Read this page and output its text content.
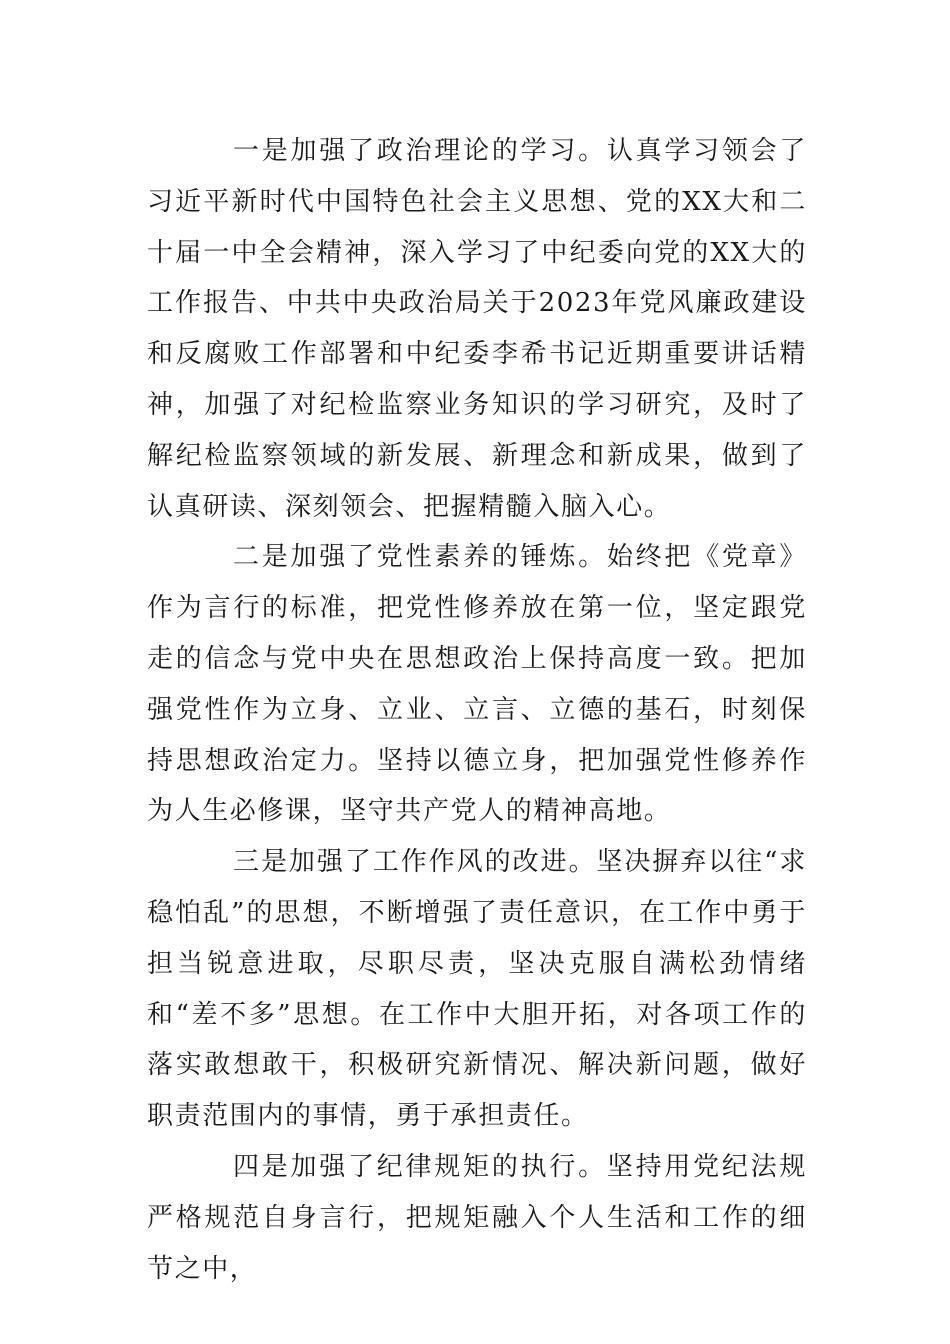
一是加强了政治理论的学习。认真学习领会了习近平新时代中国特色社会主义思想、党的XX大和二十届一中全会精神，深入学习了中纪委向党的XX大的工作报告、中共中央政治局关于2023年党风廉政建设和反腐败工作部署和中纪委李希书记近期重要讲话精神，加强了对纪检监察业务知识的学习研究，及时了解纪检监察领域的新发展、新理念和新成果，做到了认真研读、深刻领会、把握精髓入脑入心。

二是加强了党性素养的锤炼。始终把《党章》作为言行的标准，把党性修养放在第一位，坚定跟党走的信念与党中央在思想政治上保持高度一致。把加强党性作为立身、立业、立言、立德的基石，时刻保持思想政治定力。坚持以德立身，把加强党性修养作为人生必修课，坚守共产党人的精神高地。

三是加强了工作作风的改进。坚决摒弃以往“求稳怕乱”的思想，不断增强了责任意识，在工作中勇于担当锐意进取，尽职尽责，坚决克服自满松劲情绪和“差不多”思想。在工作中大胆开拓，对各项工作的落实敢想敢干，积极研究新情况、解决新问题，做好职责范围内的事情，勇于承担责任。

四是加强了纪律规矩的执行。坚持用党纪法规严格规范自身言行，把规矩融入个人生活和工作的细节之中，
